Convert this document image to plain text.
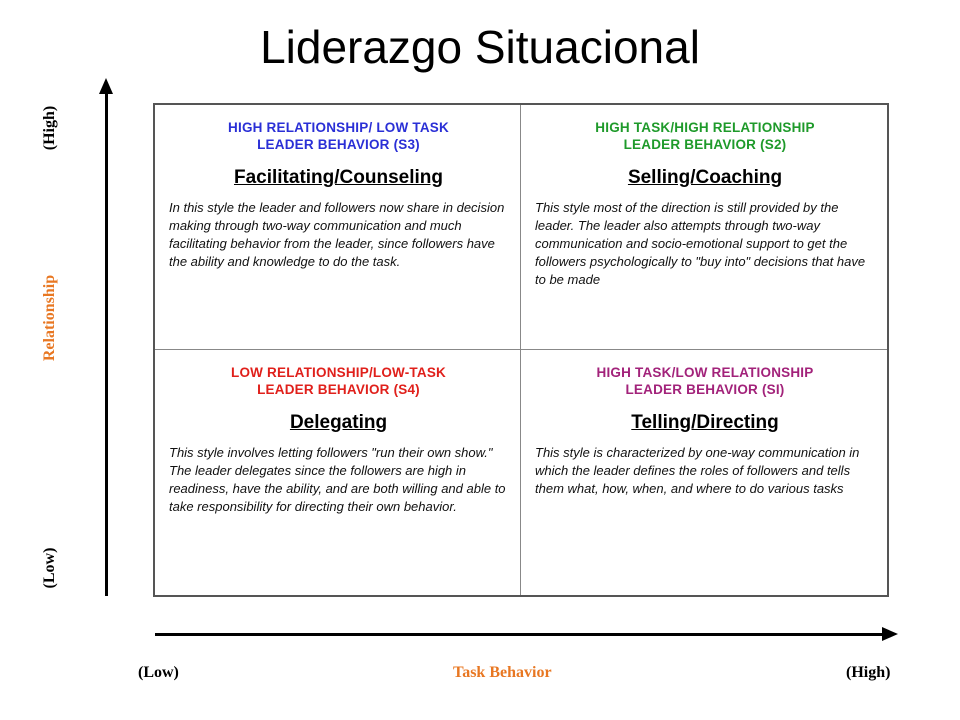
Liderazgo Situacional
(High)
Relationship
(Low)
(Low)	Task Behavior	(High)
HIGH RELATIONSHIP/ LOW TASK
LEADER BEHAVIOR (S3)
Facilitating/Counseling
In this style the leader and followers now share in decision making through two-way communication and much facilitating behavior from the leader, since followers have the ability and knowledge to do the task.
HIGH TASK/HIGH RELATIONSHIP
LEADER BEHAVIOR (S2)
Selling/Coaching
This style most of the direction is still provided by the leader. The leader also attempts through two-way communication and socio-emotional support to get the followers psychologically to "buy into" decisions that have to be made
LOW RELATIONSHIP/LOW-TASK
LEADER BEHAVIOR (S4)
Delegating
This style involves letting followers "run their own show." The leader delegates since the followers are high in readiness, have the ability, and are both willing and able to take responsibility for directing their own behavior.
HIGH TASK/LOW RELATIONSHIP
LEADER BEHAVIOR (SI)
Telling/Directing
This style is characterized by one-way communication in which the leader defines the roles of followers and tells them what, how, when, and where to do various tasks
